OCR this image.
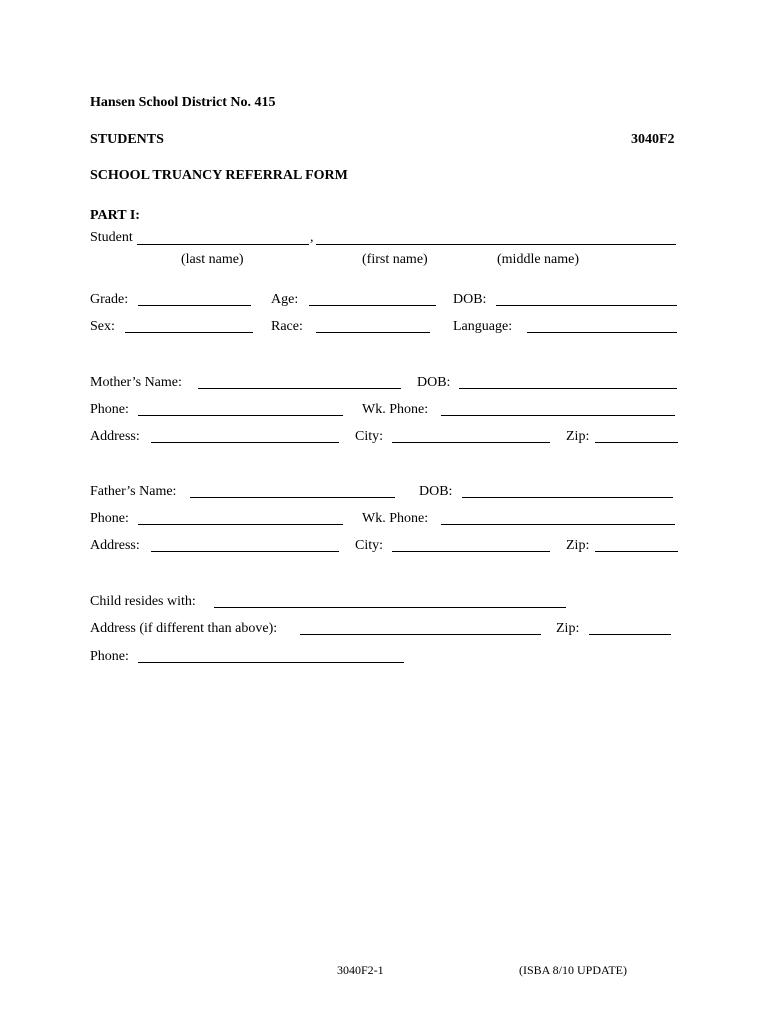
Hansen School District No. 415
STUDENTS	3040F2
SCHOOL TRUANCY REFERRAL FORM
PART I:
Student	,
(last name)	(first name)	(middle name)
Grade:	Age:	DOB:
Sex:	Race:	Language:
Mother’s Name:	DOB:
Phone:	Wk. Phone:
Address:	City:	Zip:
Father’s Name:	DOB:
Phone:	Wk. Phone:
Address:	City:	Zip:
Child resides with:
Address (if different than above):	Zip:
Phone:
3040F2-1	(ISBA 8/10 UPDATE)
